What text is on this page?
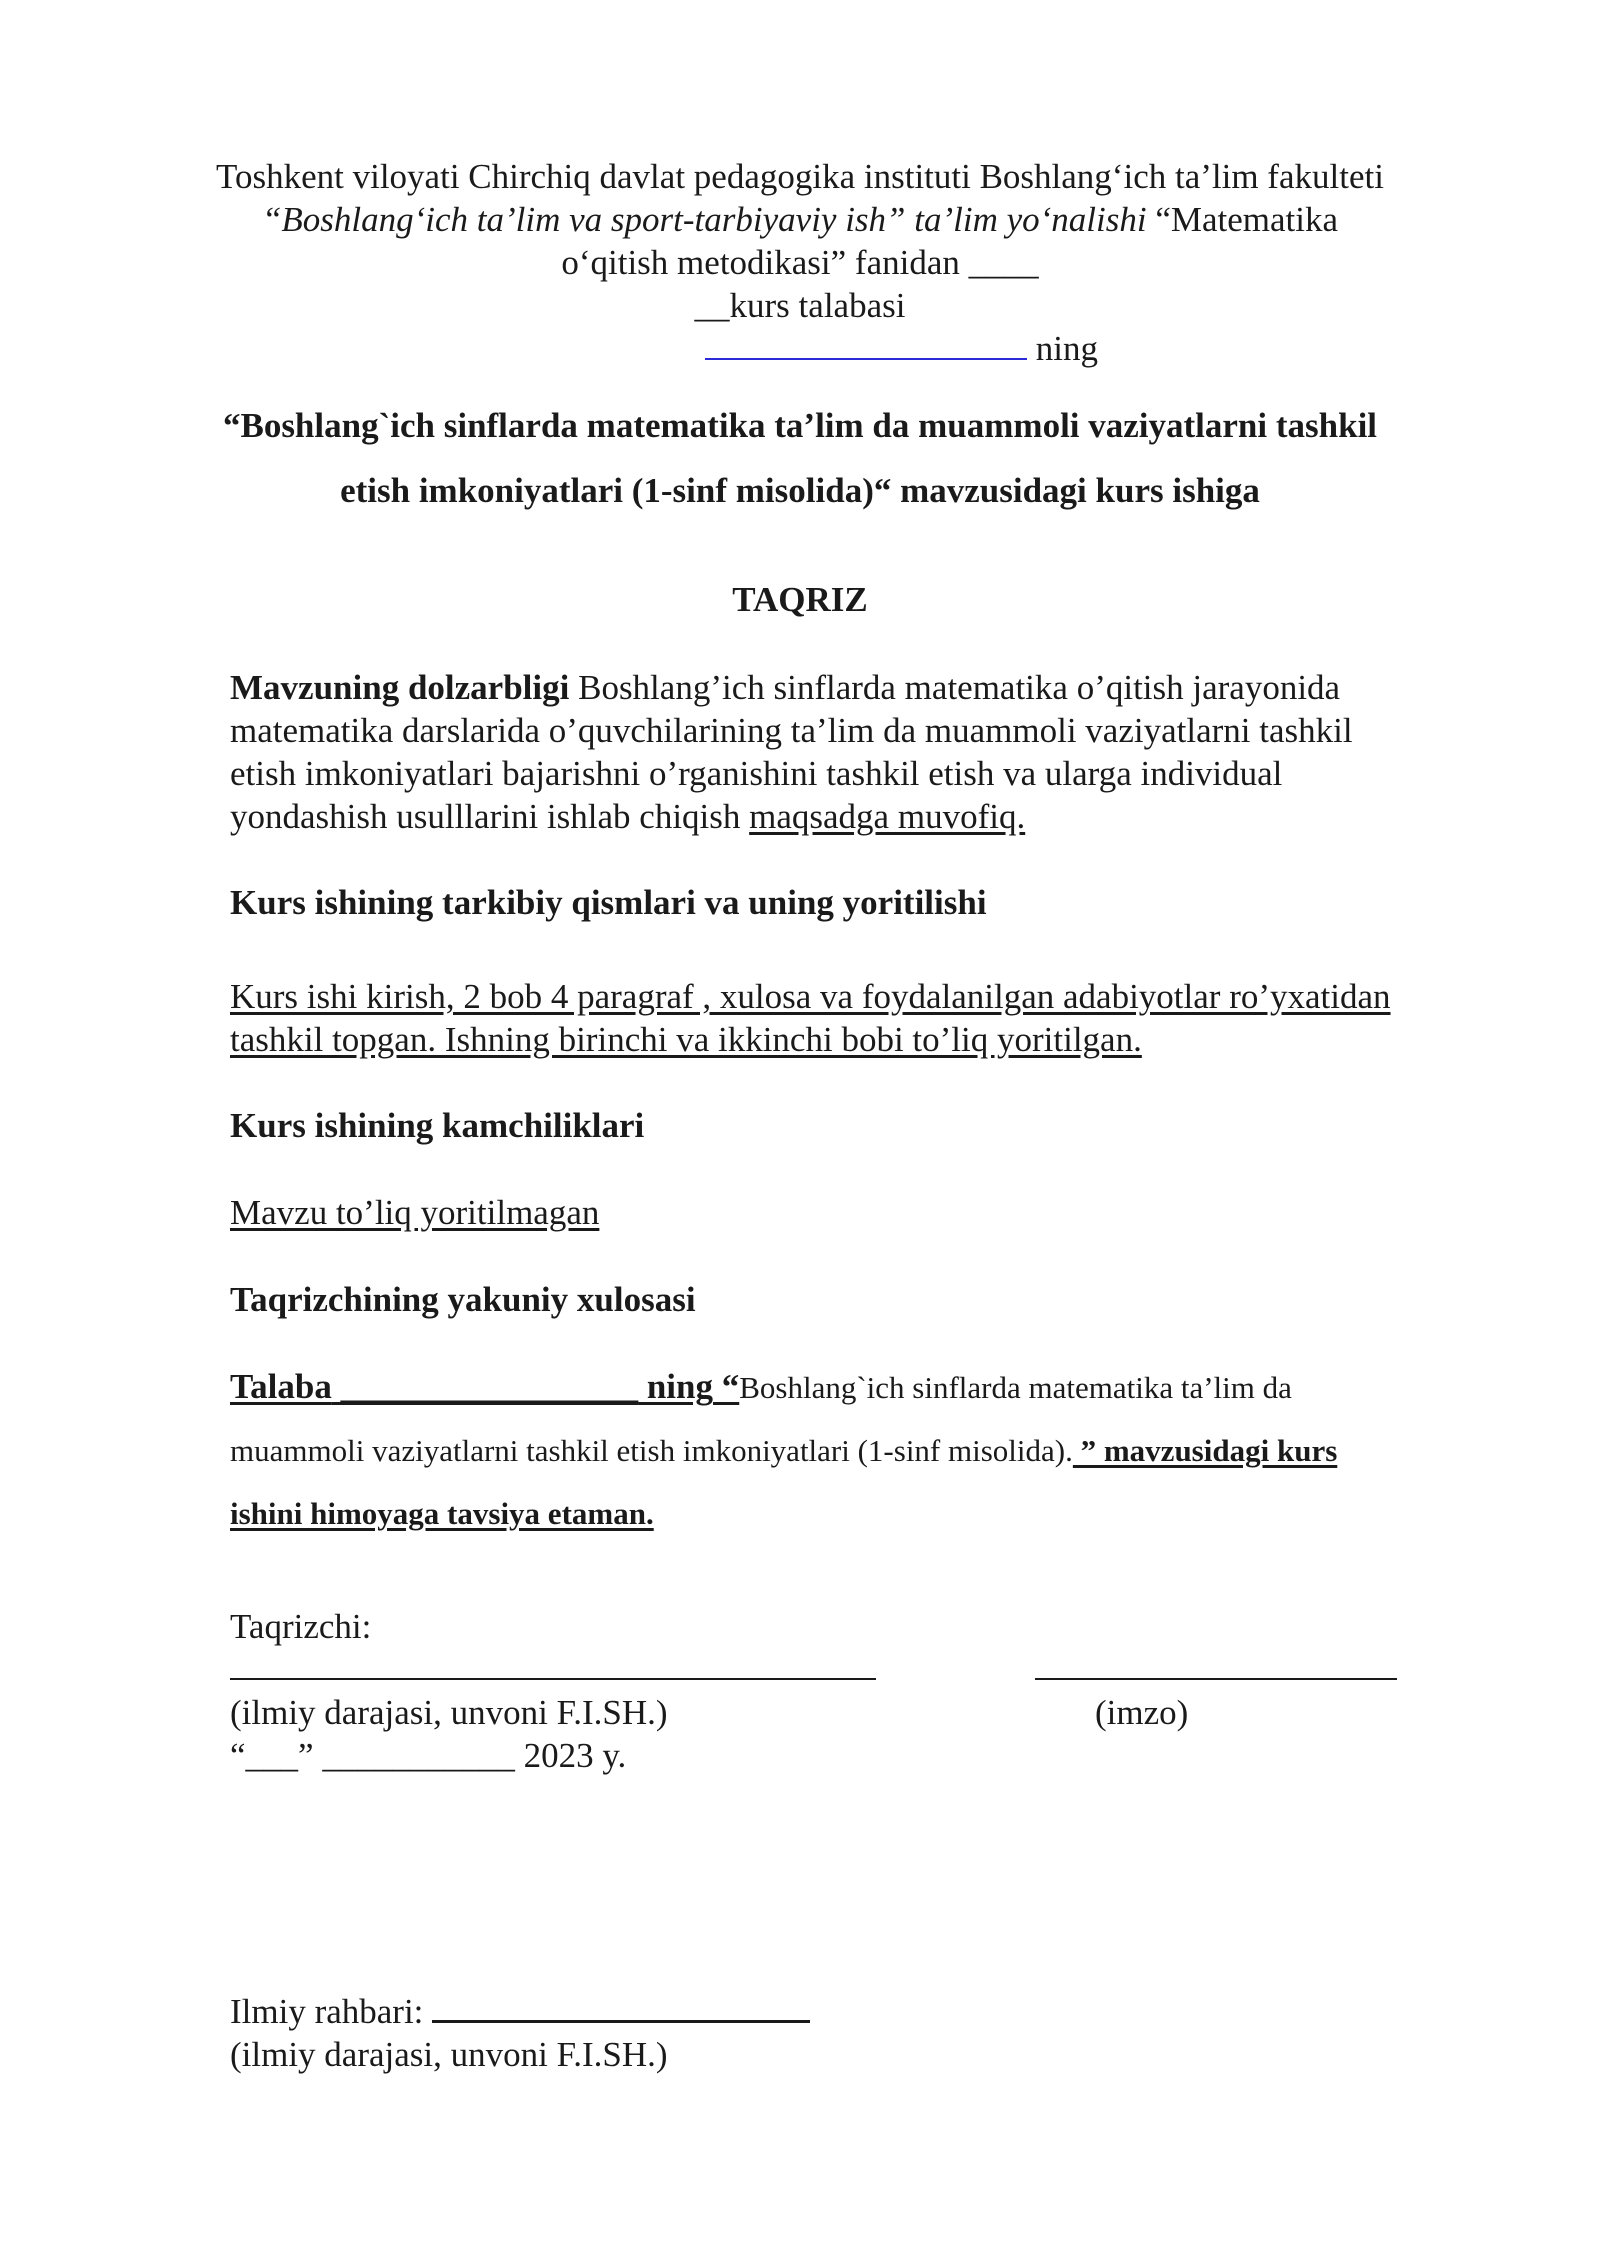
Toshkent viloyati Chirchiq davlat pedagogika instituti Boshlang‘ich ta’lim fakulteti
“Boshlang‘ich ta’lim va sport-tarbiyaviy ish” ta’lim yo‘nalishi “Matematika
o‘qitish metodikasi” fanidan ____
__kurs talabasi
ning
“Boshlang`ich sinflarda matematika ta’lim da muammoli vaziyatlarni tashkil
etish imkoniyatlari (1-sinf misolida)“ mavzusidagi kurs ishiga
TAQRIZ
Mavzuning dolzarbligi Boshlang’ich sinflarda matematika o’qitish jarayonida
matematika darslarida o’quvchilarining ta’lim da muammoli vaziyatlarni tashkil
etish imkoniyatlari bajarishni o’rganishini tashkil etish va ularga individual
yondashish usulllarini ishlab chiqish maqsadga muvofiq.
Kurs ishining tarkibiy qismlari va uning yoritilishi
Kurs ishi kirish, 2 bob 4 paragraf , xulosa va foydalanilgan adabiyotlar ro’yxatidan
tashkil topgan. Ishning birinchi va ikkinchi bobi to’liq yoritilgan.
Kurs ishining kamchiliklari
Mavzu to’liq yoritilmagan
Taqrizchining yakuniy xulosasi
Talaba _________________ ning “Boshlang`ich sinflarda matematika ta’lim da
muammoli vaziyatlarni tashkil etish imkoniyatlari (1-sinf misolida). ” mavzusidagi kurs
ishini himoyaga tavsiya etaman.
Taqrizchi:
(ilmiy darajasi, unvoni F.I.SH.)	(imzo)
“___” ___________ 2023 y.
Ilmiy rahbari:
(ilmiy darajasi, unvoni F.I.SH.)
